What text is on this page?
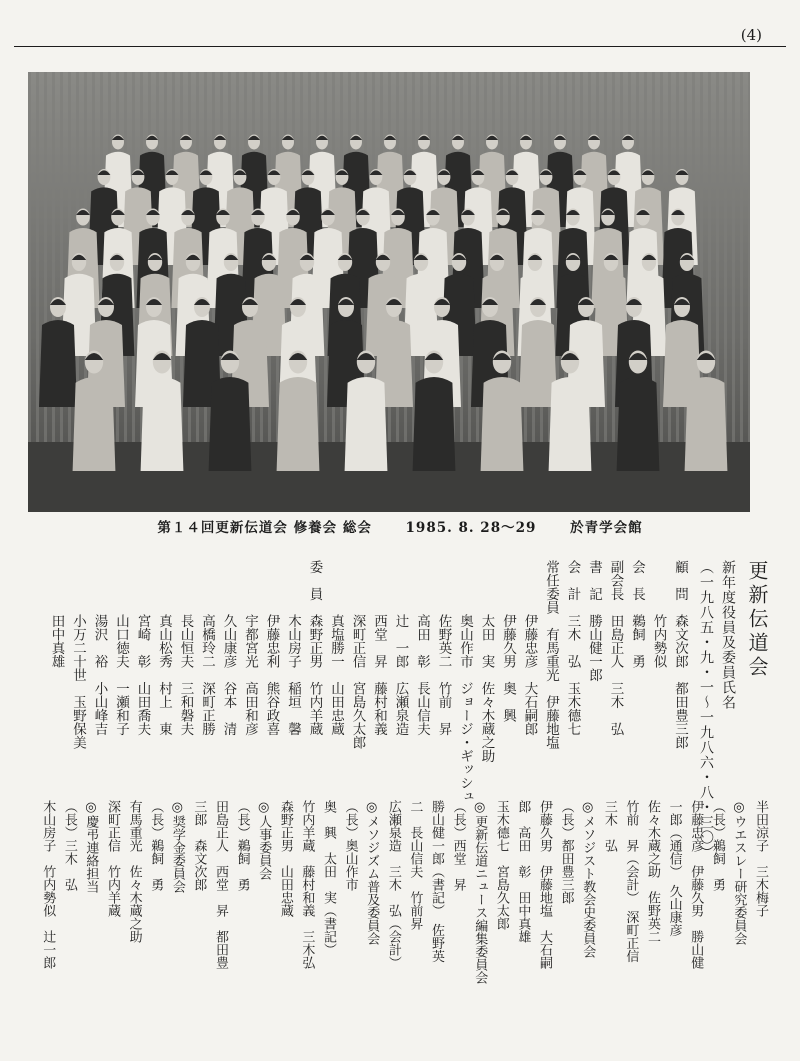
(4)
第１４回更新伝道会 修養会 総会 1985. 8. 28～29 於青学会館
更新伝道会
新年度役員及委員氏名
（一九八五・九・一～一九八六・八・三〇）
顧　問　森文次郎　都田豊三郎
　　　　竹内勢似
会　長　鵜飼　勇
副会長　田島正人　三木　弘
書　記　勝山健一郎
会　計　三木　弘　玉木德七
常任委員　有馬重光　伊藤地塩
　　　　伊藤忠彦　大石嗣郎
　　　　伊藤久男　奥　興
　　　　太田　実　佐々木蔵之助
　　　　奥山作市　ジョージ・ギッシュ
　　　　佐野英二　竹前　昇
　　　　高田　彰　長山信夫
　　　　辻　一郎　広瀬泉造
　　　　西堂　昇　藤村和義
　　　　深町正信　宮島久太郎
　　　　真塩勝一　山田忠蔵
委　員　森野正男　竹内羊蔵
　　　　木山房子　稲垣　馨
　　　　伊藤忠利　熊谷政喜
　　　　宇都宮光　高田和彦
　　　　久山康彦　谷本　清
　　　　高橋玲二　深町正勝
　　　　長山恒夫　三和磐夫
　　　　真山松秀　村上　東
　　　　宮崎　彰　山田喬夫
　　　　山口徳夫　一瀬和子
　　　　湯沢　裕　小山峰吉
　　　　小万二十世　玉野保美
　　　　田中真雄
半田涼子　三木梅子
◎ウエスレー研究委員会
（長）鵜飼　勇
伊藤忠彦　伊藤久男　勝山健
一郎（通信）　久山康彦
佐々木蔵之助　佐野英二
竹前　昇（会計）　深町正信
三木　弘
◎メソジスト教会史委員会
（長）都田豊三郎
伊藤久男　伊藤地塩　大石嗣
郎　高田　彰　田中真雄
玉木德七　宮島久太郎
◎更新伝道ニュース編集委員会
（長）西堂　昇
勝山健一郎（書記）　佐野英
二　長山信夫　竹前昇
広瀬泉造　三木　弘（会計）
◎メソジズム普及委員会
（長）奥山作市
奥　興　太田　実（書記）
竹内羊蔵　藤村和義　三木弘
森野正男　山田忠蔵
◎人事委員会
（長）鵜飼　勇
田島正人　西堂　昇　都田豊
三郎　森文次郎
◎奨学金委員会
（長）鵜飼　勇
有馬重光　佐々木蔵之助
深町正信　竹内羊蔵
◎慶弔連絡担当
（長）三木　弘
木山房子　竹内勢似　辻一郎
